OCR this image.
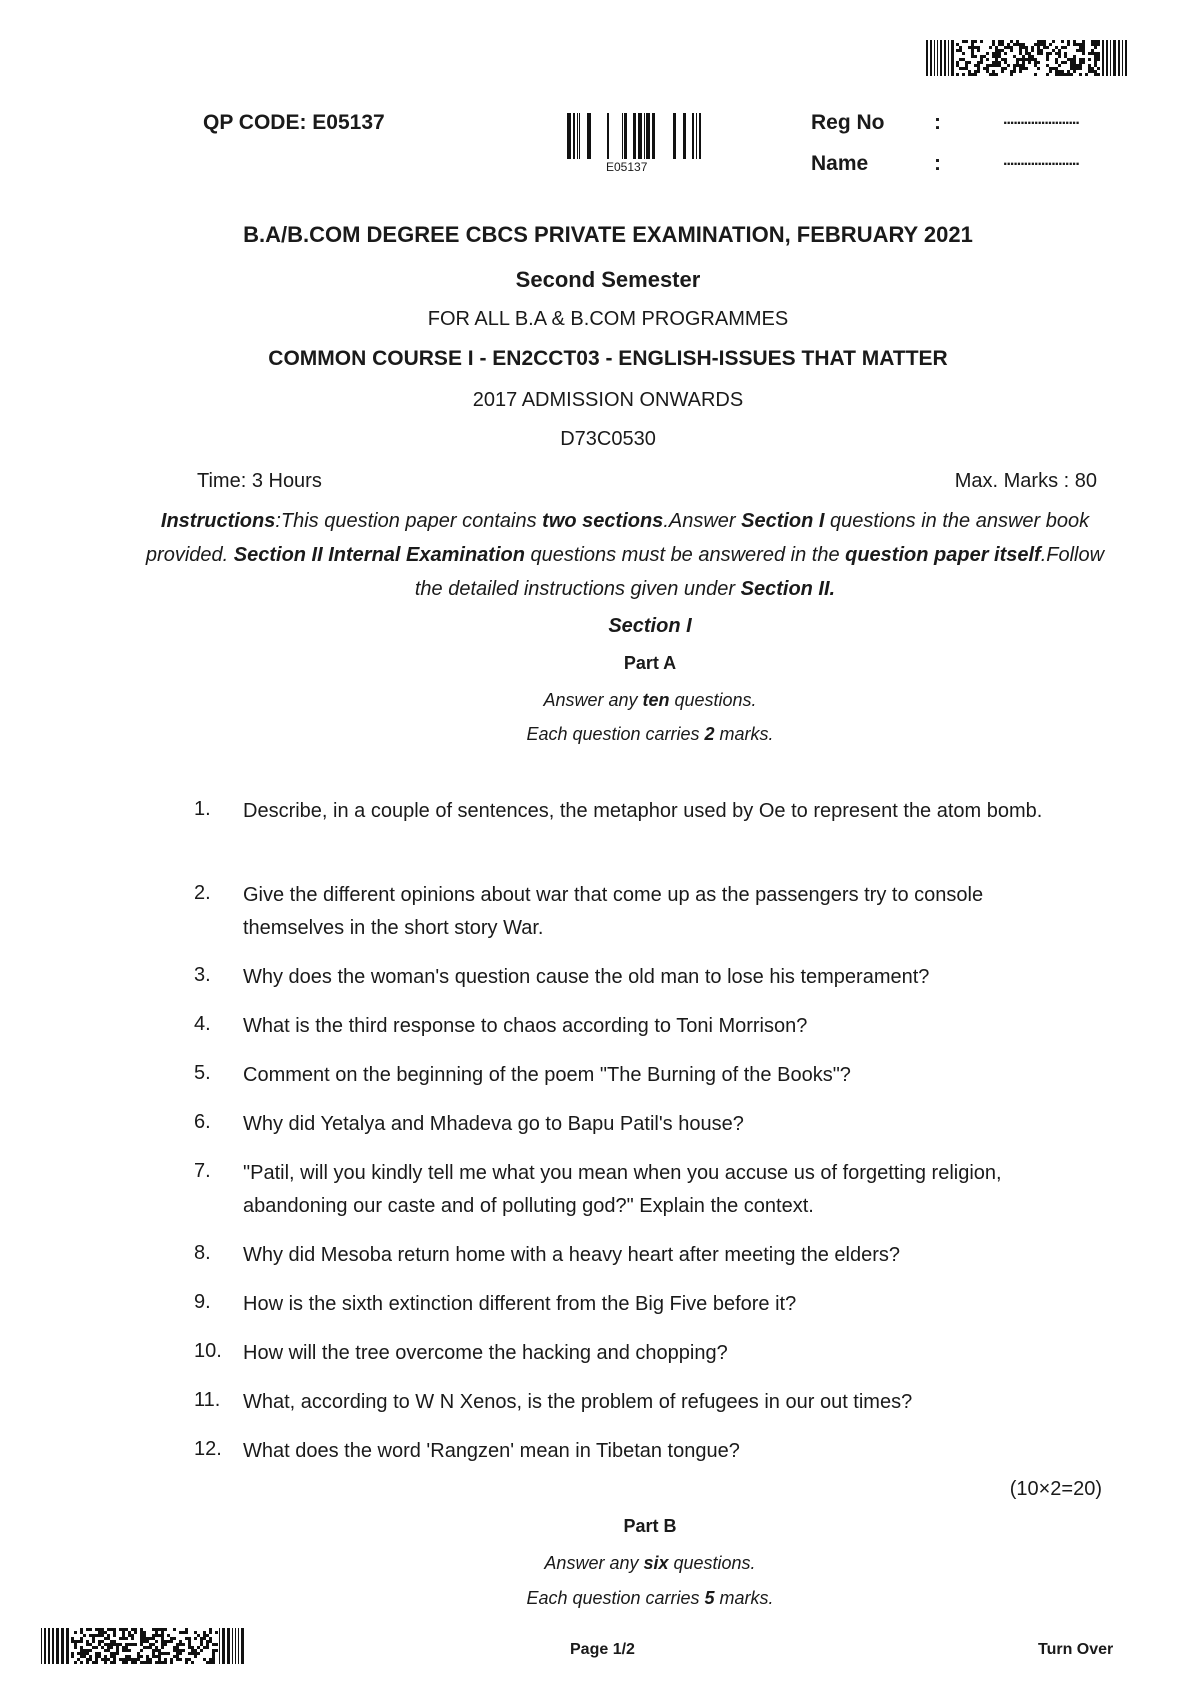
QP CODE: E05137
E05137
Reg No :	......................
Name	:	......................
B.A/B.COM DEGREE CBCS PRIVATE EXAMINATION, FEBRUARY 2021
Second Semester
FOR ALL B.A & B.COM PROGRAMMES
COMMON COURSE I - EN2CCT03 - ENGLISH-ISSUES THAT MATTER
2017 ADMISSION ONWARDS
D73C0530
Time: 3 Hours	Max. Marks : 80
Instructions:This question paper contains two sections.Answer Section I questions in the answer book provided. Section II Internal Examination questions must be answered in the question paper itself.Follow the detailed instructions given under Section II.
Section I
Part A
Answer any ten questions.
Each question carries 2 marks.
1.	Describe, in a couple of sentences, the metaphor used by Oe to represent the atom bomb.
2.	Give the different opinions about war that come up as the passengers try to console themselves in the short story War.
3.	Why does the woman's question cause the old man to lose his temperament?
4.	What is the third response to chaos according to Toni Morrison?
5.	Comment on the beginning of the poem "The Burning of the Books"?
6.	Why did Yetalya and Mhadeva go to Bapu Patil's house?
7.	"Patil, will you kindly tell me what you mean when you accuse us of forgetting religion, abandoning our caste and of polluting god?" Explain the context.
8.	Why did Mesoba return home with a heavy heart after meeting the elders?
9.	How is the sixth extinction different from the Big Five before it?
10.	How will the tree overcome the hacking and chopping?
11.	What, according to W N Xenos, is the problem of refugees in our out times?
12.	What does the word 'Rangzen' mean in Tibetan tongue?
(10×2=20)
Part B
Answer any six questions.
Each question carries 5 marks.
Page 1/2	Turn Over
